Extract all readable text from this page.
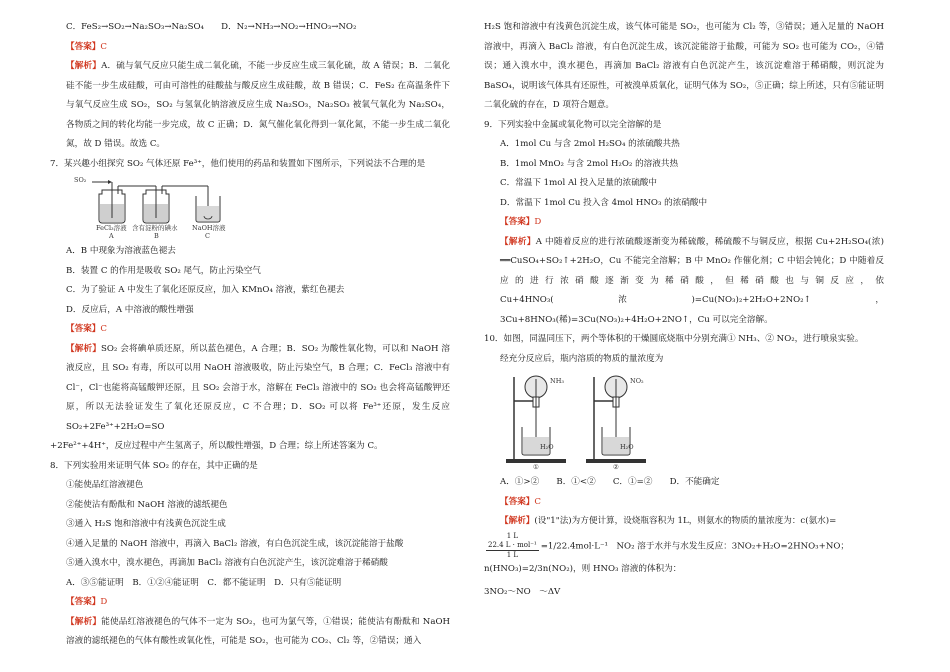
C．FeS₂→SO₂→Na₂SO₃→Na₂SO₄　　D．N₂→NH₃→NO₂→HNO₃→NO₂

【答案】C

【解析】A．硫与氧气反应只能生成二氧化硫，不能一步反应生成三氧化硫，故 A 错误；B．二氧化硅不能一步生成硅酸，可由可溶性的硅酸盐与酸反应生成硅酸，故 B 错误；C．FeS₂ 在高温条件下与氧气反应生成 SO₂，SO₂ 与氢氧化钠溶液反应生成 Na₂SO₃，Na₂SO₃ 被氧气氧化为 Na₂SO₄，各物质之间的转化均能一步完成，故 C 正确；D．氮气催化氧化得到一氧化氮，不能一步生成二氧化氮，故 D 错误。故选 C。

7．某兴趣小组探究 SO₂ 气体还原 Fe³⁺，他们使用的药品和装置如下图所示，下列说法不合理的是

SO₂
FeCl₃溶液 含有淀粉的碘水 NaOH溶液
A	B	C

A．B 中现象为溶液蓝色褪去

B．装置 C 的作用是吸收 SO₂ 尾气，防止污染空气

C．为了验证 A 中发生了氧化还原反应，加入 KMnO₄ 溶液，紫红色褪去

D．反应后，A 中溶液的酸性增强

【答案】C

【解析】SO₂ 会将碘单质还原，所以蓝色褪色，A 合理；B．SO₂ 为酸性氧化物，可以和 NaOH 溶液反应，且 SO₂ 有毒，所以可以用 NaOH 溶液吸收，防止污染空气，B 合理；C．FeCl₃ 溶液中有 Cl⁻，Cl⁻也能将高锰酸钾还原，且 SO₂ 会溶于水，溶解在 FeCl₃ 溶液中的 SO₂ 也会将高锰酸钾还原，所以无法验证发生了氧化还原反应，C 不合理；D．SO₂ 可以将 Fe³⁺还原，发生反应 SO₂+2Fe³⁺+2H₂O=SO

+2Fe²⁺+4H⁺，反应过程中产生氢离子，所以酸性增强，D 合理；综上所述答案为 C。

8．下列实验用来证明气体 SO₂ 的存在，其中正确的是

①能使品红溶液褪色

②能使沾有酚酞和 NaOH 溶液的滤纸褪色

③通入 H₂S 饱和溶液中有浅黄色沉淀生成

④通入足量的 NaOH 溶液中，再滴入 BaCl₂ 溶液，有白色沉淀生成，该沉淀能溶于盐酸

⑤通入溴水中，溴水褪色，再滴加 BaCl₂ 溶液有白色沉淀产生，该沉淀难溶于稀硝酸

A．③⑤能证明　B．①②④能证明　C．都不能证明　D．只有⑤能证明

【答案】D

【解析】能使品红溶液褪色的气体不一定为 SO₂，也可为氯气等，①错误；能使沾有酚酞和 NaOH 溶液的滤纸褪色的气体有酸性或氧化性，可能是 SO₂，也可能为 CO₂、Cl₂ 等，②错误；通入

H₂S 饱和溶液中有浅黄色沉淀生成，该气体可能是 SO₂，也可能为 Cl₂ 等，③错误；通入足量的 NaOH 溶液中，再滴入 BaCl₂ 溶液，有白色沉淀生成，该沉淀能溶于盐酸，可能为 SO₂ 也可能为 CO₂，④错误；通入溴水中，溴水褪色，再滴加 BaCl₂ 溶液有白色沉淀产生，该沉淀难溶于稀硝酸，则沉淀为 BaSO₄，说明该气体具有还原性，可被溴单质氧化，证明气体为 SO₂，⑤正确；综上所述，只有⑤能证明二氧化硫的存在，D 项符合题意。

9．下列实验中金属或氧化物可以完全溶解的是

A．1mol Cu 与含 2mol H₂SO₄ 的浓硫酸共热

B．1mol MnO₂ 与含 2mol H₂O₂ 的溶液共热

C．常温下 1mol Al 投入足量的浓硫酸中

D．常温下 1mol Cu 投入含 4mol HNO₃ 的浓硝酸中

【答案】D

【解析】A 中随着反应的进行浓硫酸逐渐变为稀硫酸，稀硫酸不与铜反应，根据 Cu+2H₂SO₄(浓) ══CuSO₄+SO₂↑+2H₂O，Cu 不能完全溶解；B 中 MnO₂ 作催化剂；C 中铝会钝化；D 中随着反应的进行浓硝酸逐渐变为稀硝酸，但稀硝酸也与铜反应，依 Cu+4HNO₃(浓)=Cu(NO₃)₂+2H₂O+2NO₂↑，3Cu+8HNO₃(稀)=3Cu(NO₃)₂+4H₂O+2NO↑，Cu 可以完全溶解。

10．如图，同温同压下，两个等体积的干燥圆底烧瓶中分别充满① NH₃、② NO₂，进行喷泉实验。

经充分反应后，瓶内溶质的物质的量浓度为

NH₃	NO₂
H₂O	H₂O
①	②

A．①>②　　B．①<②　　C．①=②　　D．不能确定

【答案】C

【解析】(设"1"法)为方便计算，设烧瓶容积为 1L，则氨水的物质的量浓度为：c(氨水)=

1 L
22.4 L · mol⁻¹
1 L =1/22.4mol·L⁻¹　NO₂ 溶于水并与水发生反应：3NO₂+H₂O=2HNO₃+NO；

n(HNO₃)=2/3n(NO₂)，则 HNO₃ 溶液的体积为：

3NO₂～NO　～ΔV
